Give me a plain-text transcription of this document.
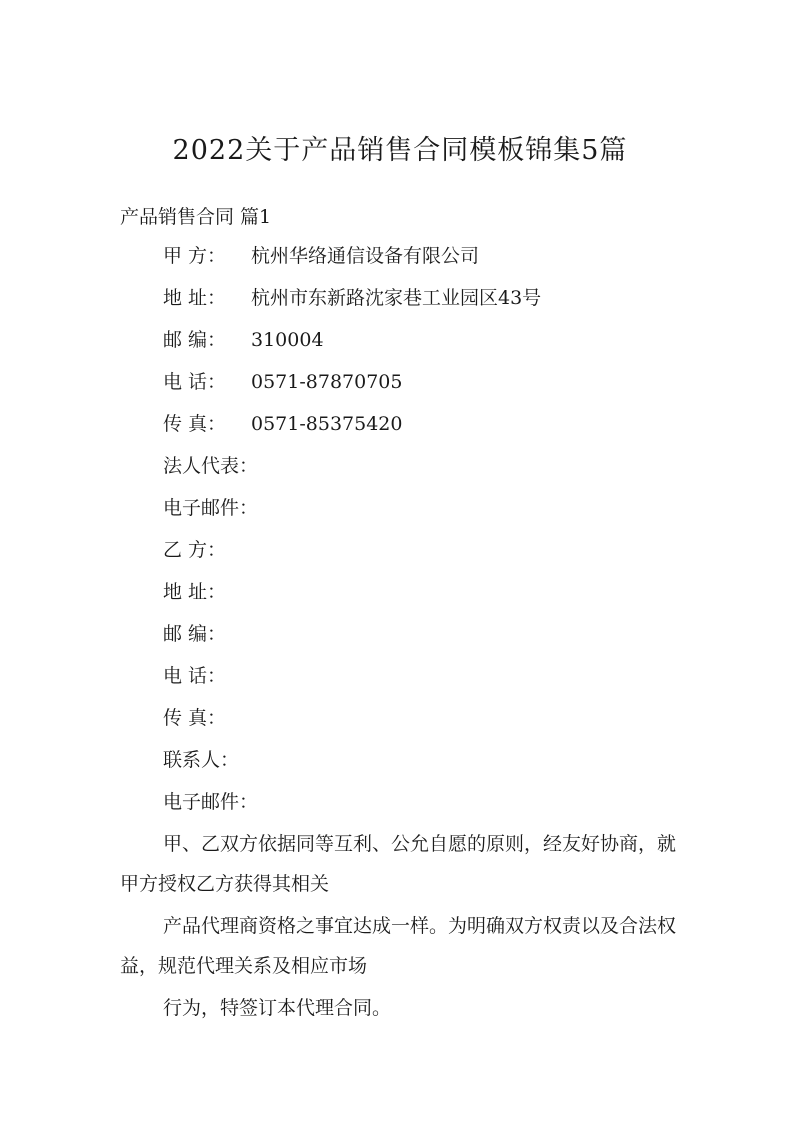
2022关于产品销售合同模板锦集5篇
产品销售合同 篇1
甲 方： 杭州华络通信设备有限公司
地 址： 杭州市东新路沈家巷工业园区43号
邮 编： 310004
电 话： 0571-87870705
传 真： 0571-85375420
法人代表：
电子邮件：
乙 方：
地 址：
邮 编：
电 话：
传 真：
联系人：
电子邮件：
甲、乙双方依据同等互利、公允自愿的原则，经友好协商，就甲方授权乙方获得其相关
产品代理商资格之事宜达成一样。为明确双方权责以及合法权益，规范代理关系及相应市场
行为，特签订本代理合同。
